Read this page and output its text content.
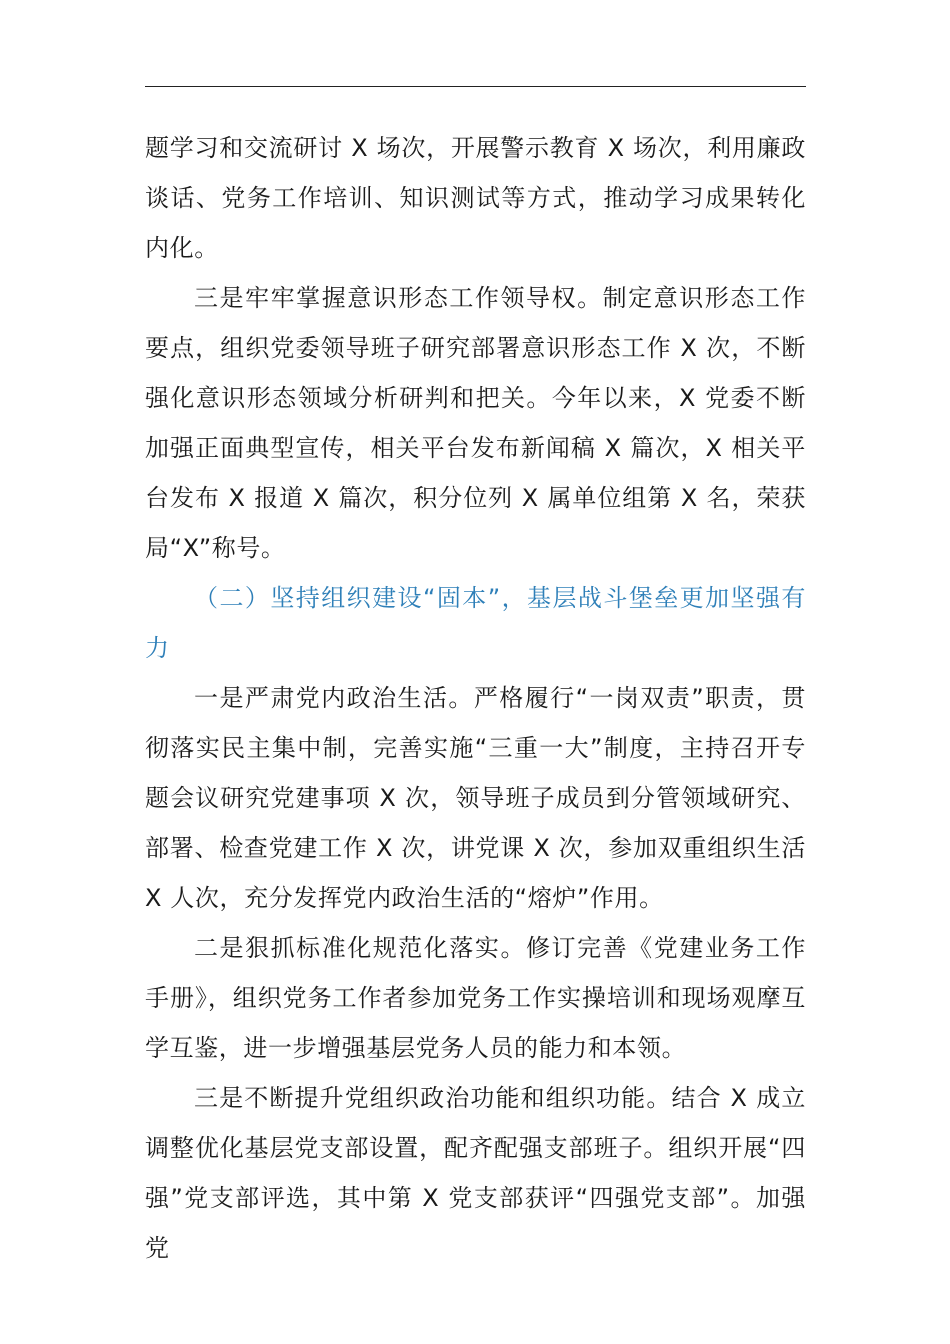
题学习和交流研讨 X 场次，开展警示教育 X 场次，利用廉政谈话、党务工作培训、知识测试等方式，推动学习成果转化内化。

三是牢牢掌握意识形态工作领导权。制定意识形态工作要点，组织党委领导班子研究部署意识形态工作 X 次，不断强化意识形态领域分析研判和把关。今年以来，X 党委不断加强正面典型宣传，相关平台发布新闻稿 X 篇次，X 相关平台发布 X 报道 X 篇次，积分位列 X 属单位组第 X 名，荣获局“X”称号。

（二）坚持组织建设“固本”，基层战斗堡垒更加坚强有力

一是严肃党内政治生活。严格履行“一岗双责”职责，贯彻落实民主集中制，完善实施“三重一大”制度，主持召开专题会议研究党建事项 X 次，领导班子成员到分管领域研究、部署、检查党建工作 X 次，讲党课 X 次，参加双重组织生活 X 人次，充分发挥党内政治生活的“熔炉”作用。

二是狠抓标准化规范化落实。修订完善《党建业务工作手册》，组织党务工作者参加党务工作实操培训和现场观摩互学互鉴，进一步增强基层党务人员的能力和本领。

三是不断提升党组织政治功能和组织功能。结合 X 成立调整优化基层党支部设置，配齐配强支部班子。组织开展“四强”党支部评选，其中第 X 党支部获评“四强党支部”。加强党
